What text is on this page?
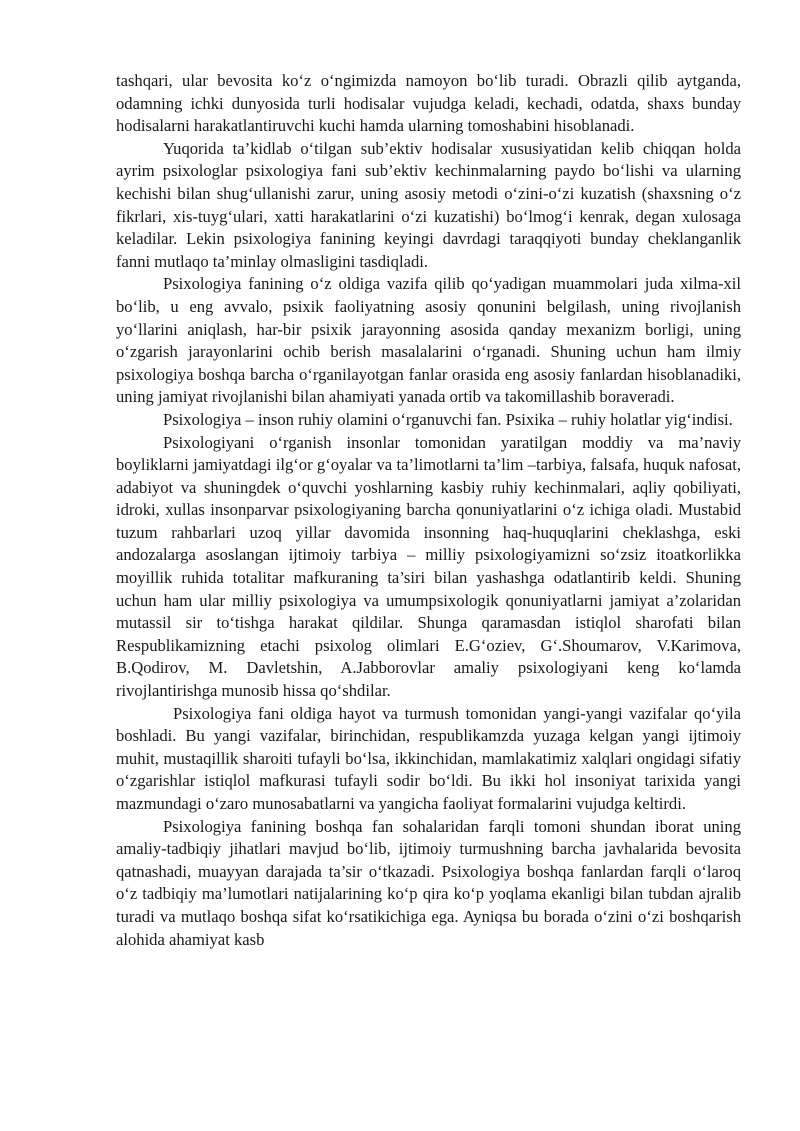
tashqari, ular bevosita ko‘z o‘ngimizda namoyon bo‘lib turadi. Obrazli qilib aytganda, odamning ichki dunyosida turli hodisalar vujudga keladi, kechadi, odatda, shaxs bunday hodisalarni harakatlantiruvchi kuchi hamda ularning tomoshabini hisoblanadi.

Yuqorida ta’kidlab o‘tilgan sub’ektiv hodisalar xususiyatidan kelib chiqqan holda ayrim psixologlar psixologiya fani sub’ektiv kechinmalarning paydo bo‘lishi va ularning kechishi bilan shug‘ullanishi zarur, uning asosiy metodi o‘zini-o‘zi kuzatish (shaxsning o‘z fikrlari, xis-tuyg‘ulari, xatti harakatlarini o‘zi kuzatishi) bo‘lmog‘i kenrak, degan xulosaga keladilar. Lekin psixologiya fanining keyingi davrdagi taraqqiyoti bunday cheklanganlik fanni mutlaqo ta’minlay olmasligini tasdiqladi.

Psixologiya fanining o‘z oldiga vazifa qilib qo‘yadigan muammolari juda xilma-xil bo‘lib, u eng avvalo, psixik faoliyatning asosiy qonunini belgilash, uning rivojlanish yo‘llarini aniqlash, har-bir psixik jarayonning asosida qanday mexanizm borligi, uning o‘zgarish jarayonlarini ochib berish masalalarini o‘rganadi. Shuning uchun ham ilmiy psixologiya boshqa barcha o‘rganilayotgan fanlar orasida eng asosiy fanlardan hisoblanadiki, uning jamiyat rivojlanishi bilan ahamiyati yanada ortib va takomillashib boraveradi.

Psixologiya – inson ruhiy olamini o‘rganuvchi fan. Psixika – ruhiy holatlar yig‘indisi.

Psixologiyani o‘rganish insonlar tomonidan yaratilgan moddiy va ma’naviy boyliklarni jamiyatdagi ilg‘or g‘oyalar va ta’limotlarni ta’lim –tarbiya, falsafa, huquk nafosat, adabiyot va shuningdek o‘quvchi yoshlarning kasbiy ruhiy kechinmalari, aqliy qobiliyati, idroki, xullas insonparvar psixologiyaning barcha qonuniyatlarini o‘z ichiga oladi. Mustabid tuzum rahbarlari uzoq yillar davomida insonning haq-huquqlarini cheklashga, eski andozalarga asoslangan ijtimoiy tarbiya – milliy psixologiyamizni so‘zsiz itoatkorlikka moyillik ruhida totalitar mafkuraning ta’siri bilan yashashga odatlantirib keldi. Shuning uchun ham ular milliy psixologiya va umumpsixologik qonuniyatlarni jamiyat a’zolaridan mutassil sir to‘tishga harakat qildilar. Shunga qaramasdan istiqlol sharofati bilan Respublikamizning etachi psixolog olimlari E.G‘oziev, G‘.Shoumarov, V.Karimova, B.Qodirov, M. Davletshin, A.Jabborovlar amaliy psixologiyani keng ko‘lamda rivojlantirishga munosib hissa qo‘shdilar.

Psixologiya fani oldiga hayot va turmush tomonidan yangi-yangi vazifalar qo‘yila boshladi. Bu yangi vazifalar, birinchidan, respublikamzda yuzaga kelgan yangi ijtimoiy muhit, mustaqillik sharoiti tufayli bo‘lsa, ikkinchidan, mamlakatimiz xalqlari ongidagi sifatiy o‘zgarishlar istiqlol mafkurasi tufayli sodir bo‘ldi. Bu ikki hol insoniyat tarixida yangi mazmundagi o‘zaro munosabatlarni va yangicha faoliyat formalarini vujudga keltirdi.

Psixologiya fanining boshqa fan sohalaridan farqli tomoni shundan iborat uning amaliy-tadbiqiy jihatlari mavjud bo‘lib, ijtimoiy turmushning barcha javhalarida bevosita qatnashadi, muayyan darajada ta’sir o‘tkazadi. Psixologiya boshqa fanlardan farqli o‘laroq o‘z tadbiqiy ma’lumotlari natijalarining ko‘p qira ko‘p yoqlama ekanligi bilan tubdan ajralib turadi va mutlaqo boshqa sifat ko‘rsatikichiga ega. Ayniqsa bu borada o‘zini o‘zi boshqarish alohida ahamiyat kasb
